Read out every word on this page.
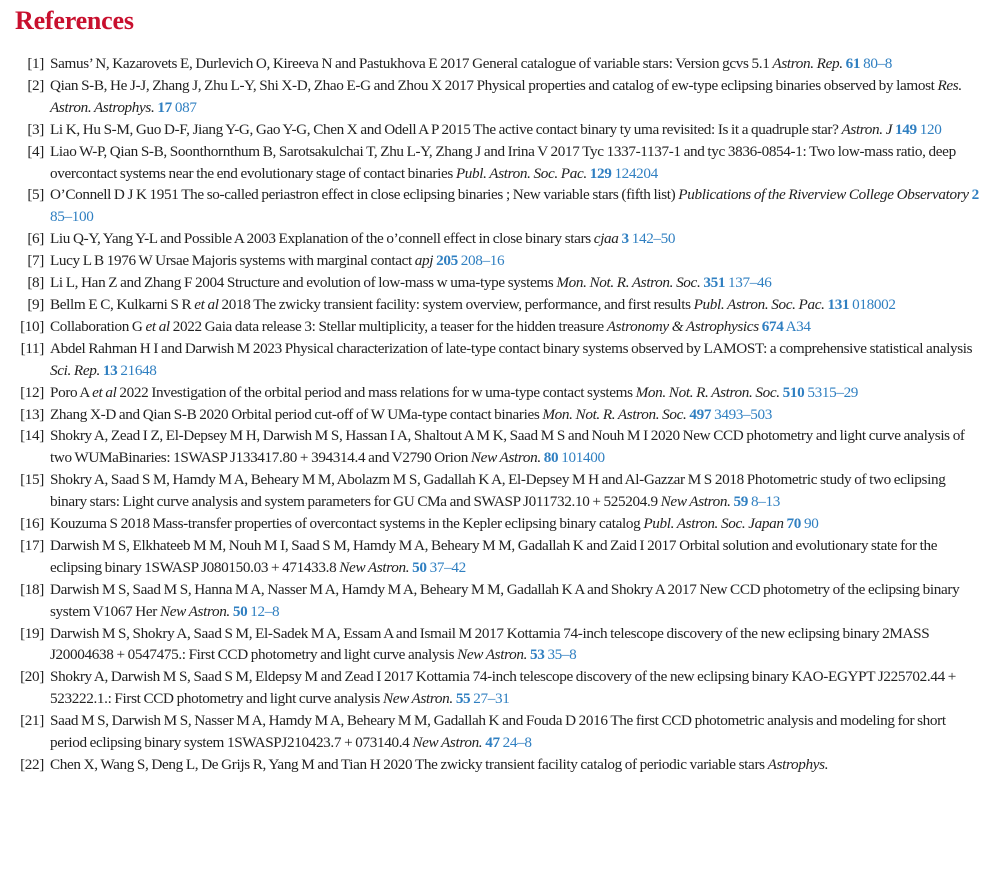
References
[1] Samus’ N, Kazarovets E, Durlevich O, Kireeva N and Pastukhova E 2017 General catalogue of variable stars: Version gcvs 5.1 Astron. Rep. 61 80–8
[2] Qian S-B, He J-J, Zhang J, Zhu L-Y, Shi X-D, Zhao E-G and Zhou X 2017 Physical properties and catalog of ew-type eclipsing binaries observed by lamost Res. Astron. Astrophys. 17 087
[3] Li K, Hu S-M, Guo D-F, Jiang Y-G, Gao Y-G, Chen X and Odell A P 2015 The active contact binary ty uma revisited: Is it a quadruple star? Astron. J 149 120
[4] Liao W-P, Qian S-B, Soonthornthum B, Sarotsakulchai T, Zhu L-Y, Zhang J and Irina V 2017 Tyc 1337-1137-1 and tyc 3836-0854-1: Two low-mass ratio, deep overcontact systems near the end evolutionary stage of contact binaries Publ. Astron. Soc. Pac. 129 124204
[5] O’Connell D J K 1951 The so-called periastron effect in close eclipsing binaries ; New variable stars (fifth list) Publications of the Riverview College Observatory 2 85–100
[6] Liu Q-Y, Yang Y-L and Possible A 2003 Explanation of the o’connell effect in close binary stars cjaa 3 142–50
[7] Lucy L B 1976 W Ursae Majoris systems with marginal contact apj 205 208–16
[8] Li L, Han Z and Zhang F 2004 Structure and evolution of low-mass w uma-type systems Mon. Not. R. Astron. Soc. 351 137–46
[9] Bellm E C, Kulkarni S R et al 2018 The zwicky transient facility: system overview, performance, and first results Publ. Astron. Soc. Pac. 131 018002
[10] Collaboration G et al 2022 Gaia data release 3: Stellar multiplicity, a teaser for the hidden treasure Astronomy & Astrophysics 674 A34
[11] Abdel Rahman H I and Darwish M 2023 Physical characterization of late-type contact binary systems observed by LAMOST: a comprehensive statistical analysis Sci. Rep. 13 21648
[12] Poro A et al 2022 Investigation of the orbital period and mass relations for w uma-type contact systems Mon. Not. R. Astron. Soc. 510 5315–29
[13] Zhang X-D and Qian S-B 2020 Orbital period cut-off of W UMa-type contact binaries Mon. Not. R. Astron. Soc. 497 3493–503
[14] Shokry A, Zead I Z, El-Depsey M H, Darwish M S, Hassan I A, Shaltout A M K, Saad M S and Nouh M I 2020 New CCD photometry and light curve analysis of two WUMaBinaries: 1SWASP J133417.80 + 394314.4 and V2790 Orion New Astron. 80 101400
[15] Shokry A, Saad S M, Hamdy M A, Beheary M M, Abolazm M S, Gadallah K A, El-Depsey M H and Al-Gazzar M S 2018 Photometric study of two eclipsing binary stars: Light curve analysis and system parameters for GU CMa and SWASP J011732.10 + 525204.9 New Astron. 59 8–13
[16] Kouzuma S 2018 Mass-transfer properties of overcontact systems in the Kepler eclipsing binary catalog Publ. Astron. Soc. Japan 70 90
[17] Darwish M S, Elkhateeb M M, Nouh M I, Saad S M, Hamdy M A, Beheary M M, Gadallah K and Zaid I 2017 Orbital solution and evolutionary state for the eclipsing binary 1SWASP J080150.03 + 471433.8 New Astron. 50 37–42
[18] Darwish M S, Saad M S, Hanna M A, Nasser M A, Hamdy M A, Beheary M M, Gadallah K A and Shokry A 2017 New CCD photometry of the eclipsing binary system V1067 Her New Astron. 50 12–8
[19] Darwish M S, Shokry A, Saad S M, El-Sadek M A, Essam A and Ismail M 2017 Kottamia 74-inch telescope discovery of the new eclipsing binary 2MASS J20004638 + 0547475.: First CCD photometry and light curve analysis New Astron. 53 35–8
[20] Shokry A, Darwish M S, Saad S M, Eldepsy M and Zead I 2017 Kottamia 74-inch telescope discovery of the new eclipsing binary KAO-EGYPT J225702.44 + 523222.1.: First CCD photometry and light curve analysis New Astron. 55 27–31
[21] Saad M S, Darwish M S, Nasser M A, Hamdy M A, Beheary M M, Gadallah K and Fouda D 2016 The first CCD photometric analysis and modeling for short period eclipsing binary system 1SWASPJ210423.7 + 073140.4 New Astron. 47 24–8
[22] Chen X, Wang S, Deng L, De Grijs R, Yang M and Tian H 2020 The zwicky transient facility catalog of periodic variable stars Astrophys.
